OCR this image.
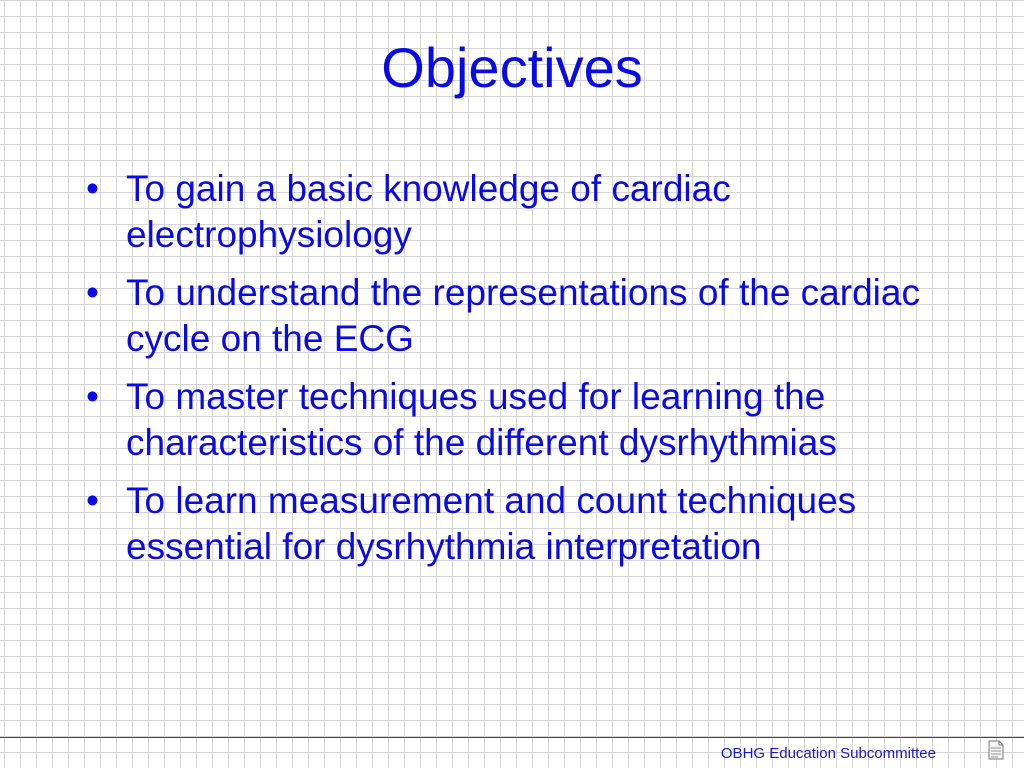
Objectives
• To gain a basic knowledge of cardiac electrophysiology
• To understand the representations of the cardiac cycle on the ECG
• To master techniques used for learning the characteristics of the different dysrhythmias
• To learn measurement and count techniques essential for dysrhythmia interpretation
OBHG Education Subcommittee
